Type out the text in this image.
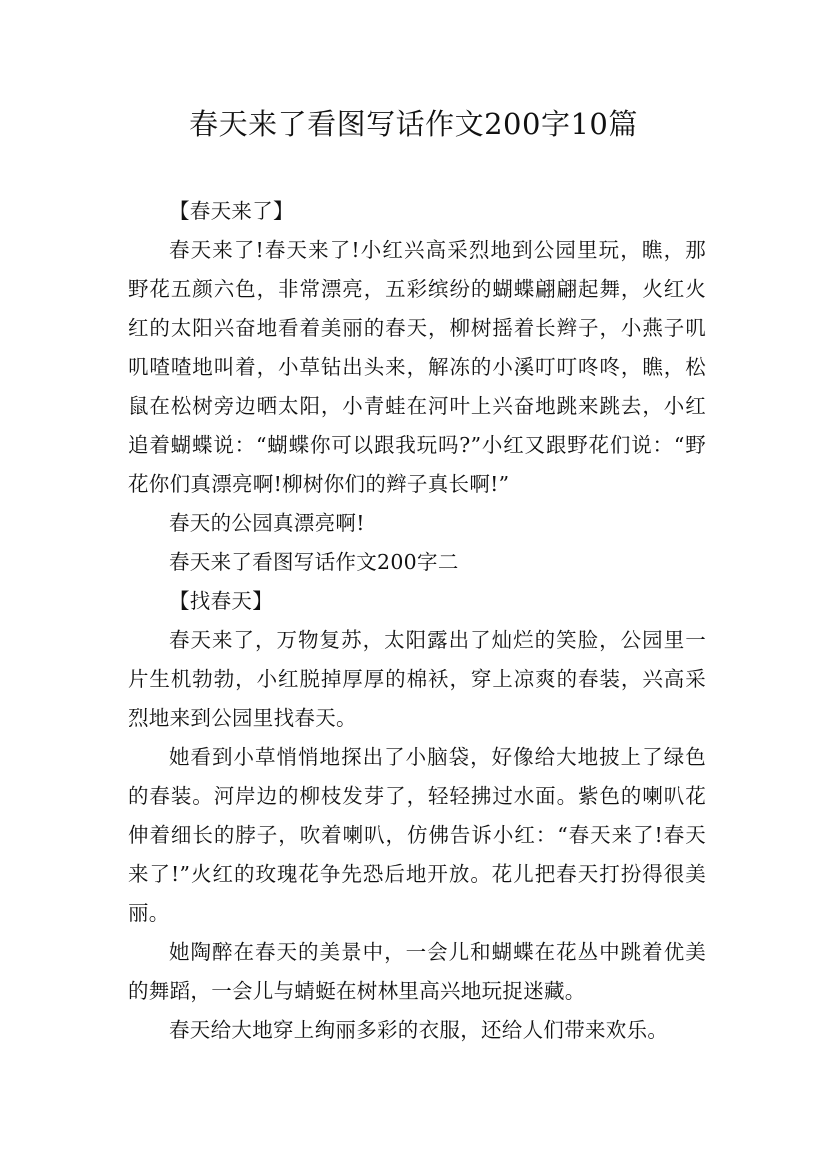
春天来了看图写话作文200字10篇

【春天来了】

春天来了!春天来了!小红兴高采烈地到公园里玩，瞧，那野花五颜六色，非常漂亮，五彩缤纷的蝴蝶翩翩起舞，火红火红的太阳兴奋地看着美丽的春天，柳树摇着长辫子，小燕子叽叽喳喳地叫着，小草钻出头来，解冻的小溪叮叮咚咚，瞧，松鼠在松树旁边晒太阳，小青蛙在河叶上兴奋地跳来跳去，小红追着蝴蝶说：“蝴蝶你可以跟我玩吗?”小红又跟野花们说：“野花你们真漂亮啊!柳树你们的辫子真长啊!”

春天的公园真漂亮啊!

春天来了看图写话作文200字二

【找春天】

春天来了，万物复苏，太阳露出了灿烂的笑脸，公园里一片生机勃勃，小红脱掉厚厚的棉袄，穿上凉爽的春装，兴高采烈地来到公园里找春天。

她看到小草悄悄地探出了小脑袋，好像给大地披上了绿色的春装。河岸边的柳枝发芽了，轻轻拂过水面。紫色的喇叭花伸着细长的脖子，吹着喇叭，仿佛告诉小红：“春天来了!春天来了!”火红的玫瑰花争先恐后地开放。花儿把春天打扮得很美丽。

她陶醉在春天的美景中，一会儿和蝴蝶在花丛中跳着优美的舞蹈，一会儿与蜻蜓在树林里高兴地玩捉迷藏。

春天给大地穿上绚丽多彩的衣服，还给人们带来欢乐。
